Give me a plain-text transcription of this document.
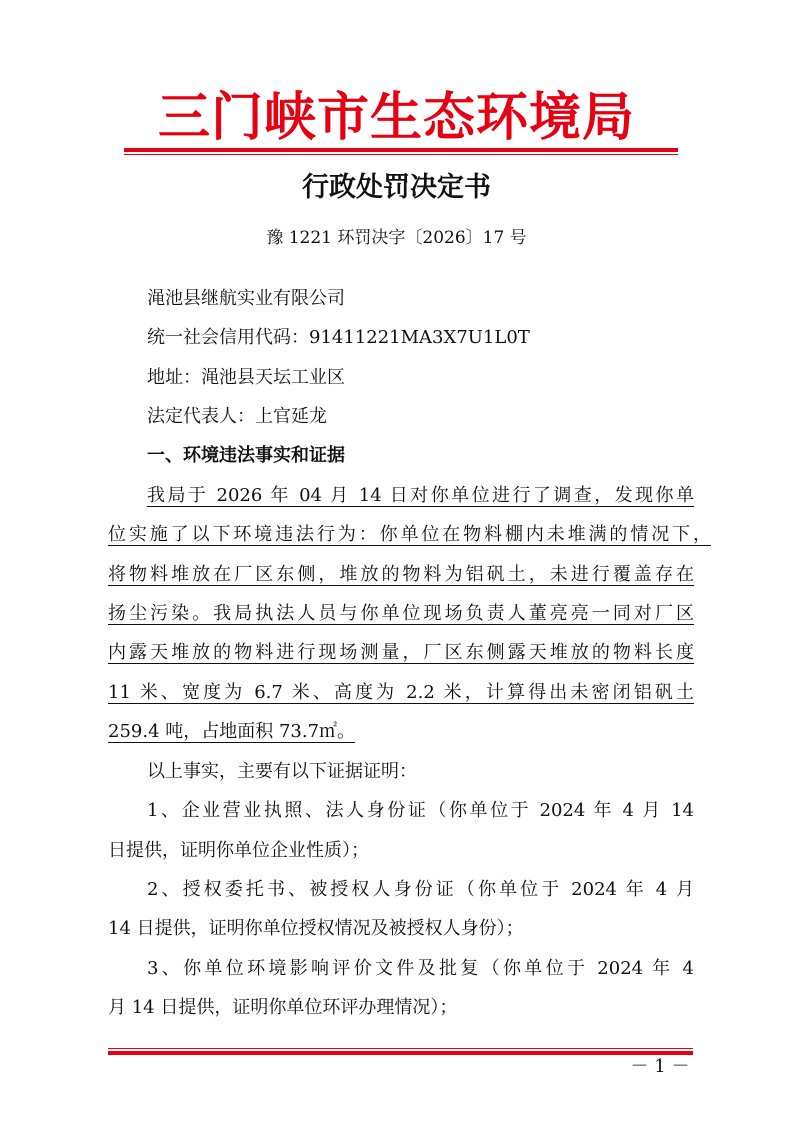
三门峡市生态环境局
行政处罚决定书
豫 1221 环罚决字〔2026〕17 号
渑池县继航实业有限公司
统一社会信用代码：91411221MA3X7U1L0T
地址：渑池县天坛工业区
法定代表人：上官延龙
一、环境违法事实和证据
我局于 2026 年 04 月 14 日对你单位进行了调查，发现你单
位实施了以下环境违法行为：你单位在物料棚内未堆满的情况下，
将物料堆放在厂区东侧，堆放的物料为铝矾土，未进行覆盖存在
扬尘污染。我局执法人员与你单位现场负责人董亮亮一同对厂区
内露天堆放的物料进行现场测量，厂区东侧露天堆放的物料长度
11 米、宽度为 6.7 米、高度为 2.2 米，计算得出未密闭铝矾土
259.4 吨，占地面积 73.7㎡。
以上事实，主要有以下证据证明：
1、企业营业执照、法人身份证（你单位于 2024 年 4 月 14
日提供，证明你单位企业性质）；
2、授权委托书、被授权人身份证（你单位于 2024 年 4 月
14 日提供，证明你单位授权情况及被授权人身份）；
3、你单位环境影响评价文件及批复（你单位于 2024 年 4
月 14 日提供，证明你单位环评办理情况）；
－ 1 －
